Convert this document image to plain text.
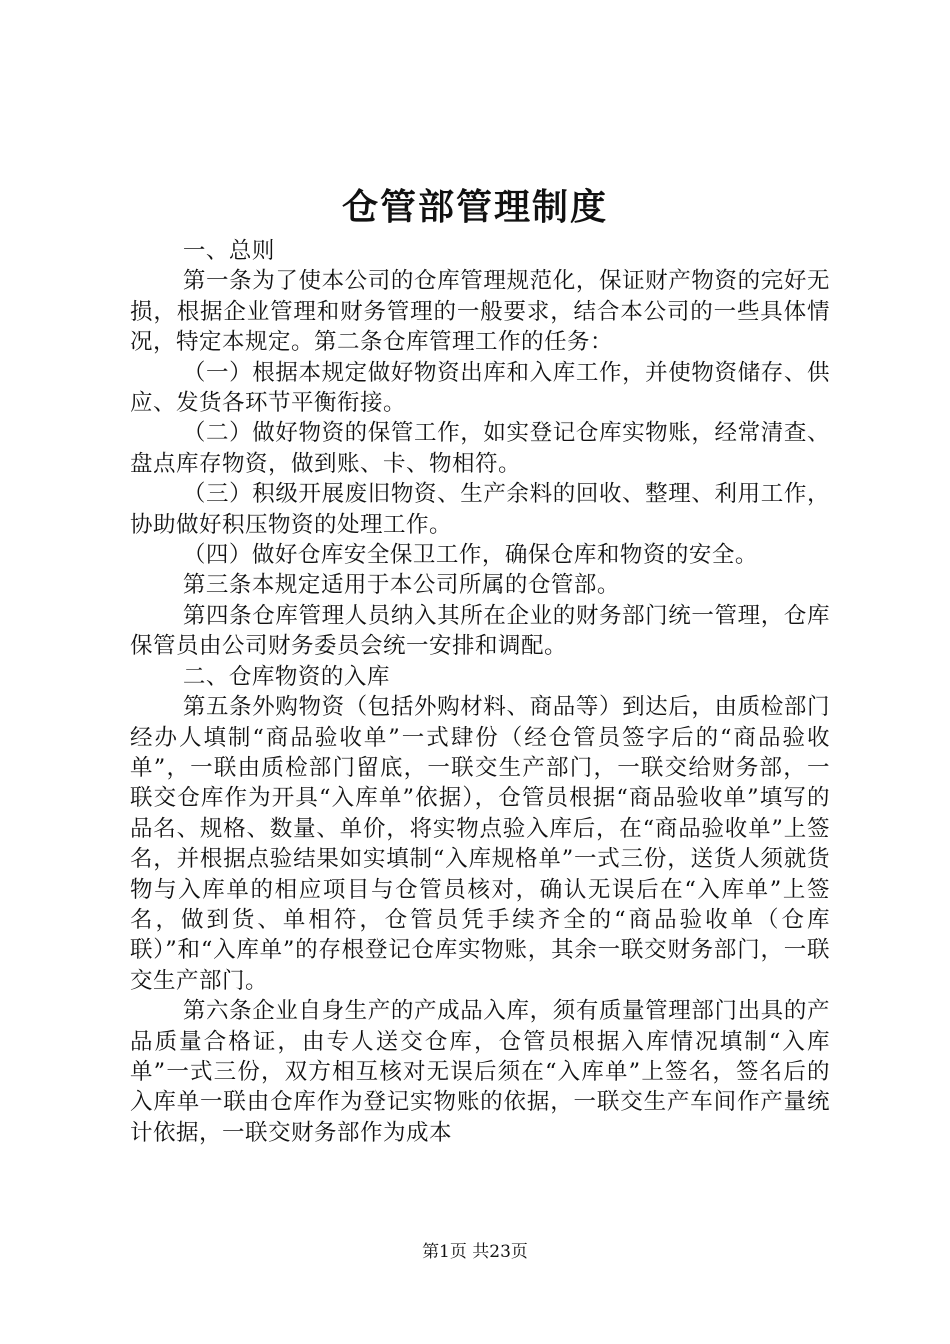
仓管部管理制度

一、总则

第一条为了使本公司的仓库管理规范化，保证财产物资的完好无损，根据企业管理和财务管理的一般要求，结合本公司的一些具体情况，特定本规定。第二条仓库管理工作的任务：

（一）根据本规定做好物资出库和入库工作，并使物资储存、供应、发货各环节平衡衔接。

（二）做好物资的保管工作，如实登记仓库实物账，经常清查、盘点库存物资，做到账、卡、物相符。

（三）积级开展废旧物资、生产余料的回收、整理、利用工作，协助做好积压物资的处理工作。

（四）做好仓库安全保卫工作，确保仓库和物资的安全。

第三条本规定适用于本公司所属的仓管部。

第四条仓库管理人员纳入其所在企业的财务部门统一管理，仓库保管员由公司财务委员会统一安排和调配。

二、仓库物资的入库

第五条外购物资（包括外购材料、商品等）到达后，由质检部门经办人填制“商品验收单”一式肆份（经仓管员签字后的“商品验收单”，一联由质检部门留底，一联交生产部门，一联交给财务部，一联交仓库作为开具“入库单”依据），仓管员根据“商品验收单”填写的品名、规格、数量、单价，将实物点验入库后，在“商品验收单”上签名，并根据点验结果如实填制“入库规格单”一式三份，送货人须就货物与入库单的相应项目与仓管员核对，确认无误后在“入库单”上签名，做到货、单相符，仓管员凭手续齐全的“商品验收单（仓库联）”和“入库单”的存根登记仓库实物账，其余一联交财务部门，一联交生产部门。

第六条企业自身生产的产成品入库，须有质量管理部门出具的产品质量合格证，由专人送交仓库，仓管员根据入库情况填制“入库单”一式三份，双方相互核对无误后须在“入库单”上签名，签名后的入库单一联由仓库作为登记实物账的依据，一联交生产车间作产量统计依据，一联交财务部作为成本

第1页 共23页
